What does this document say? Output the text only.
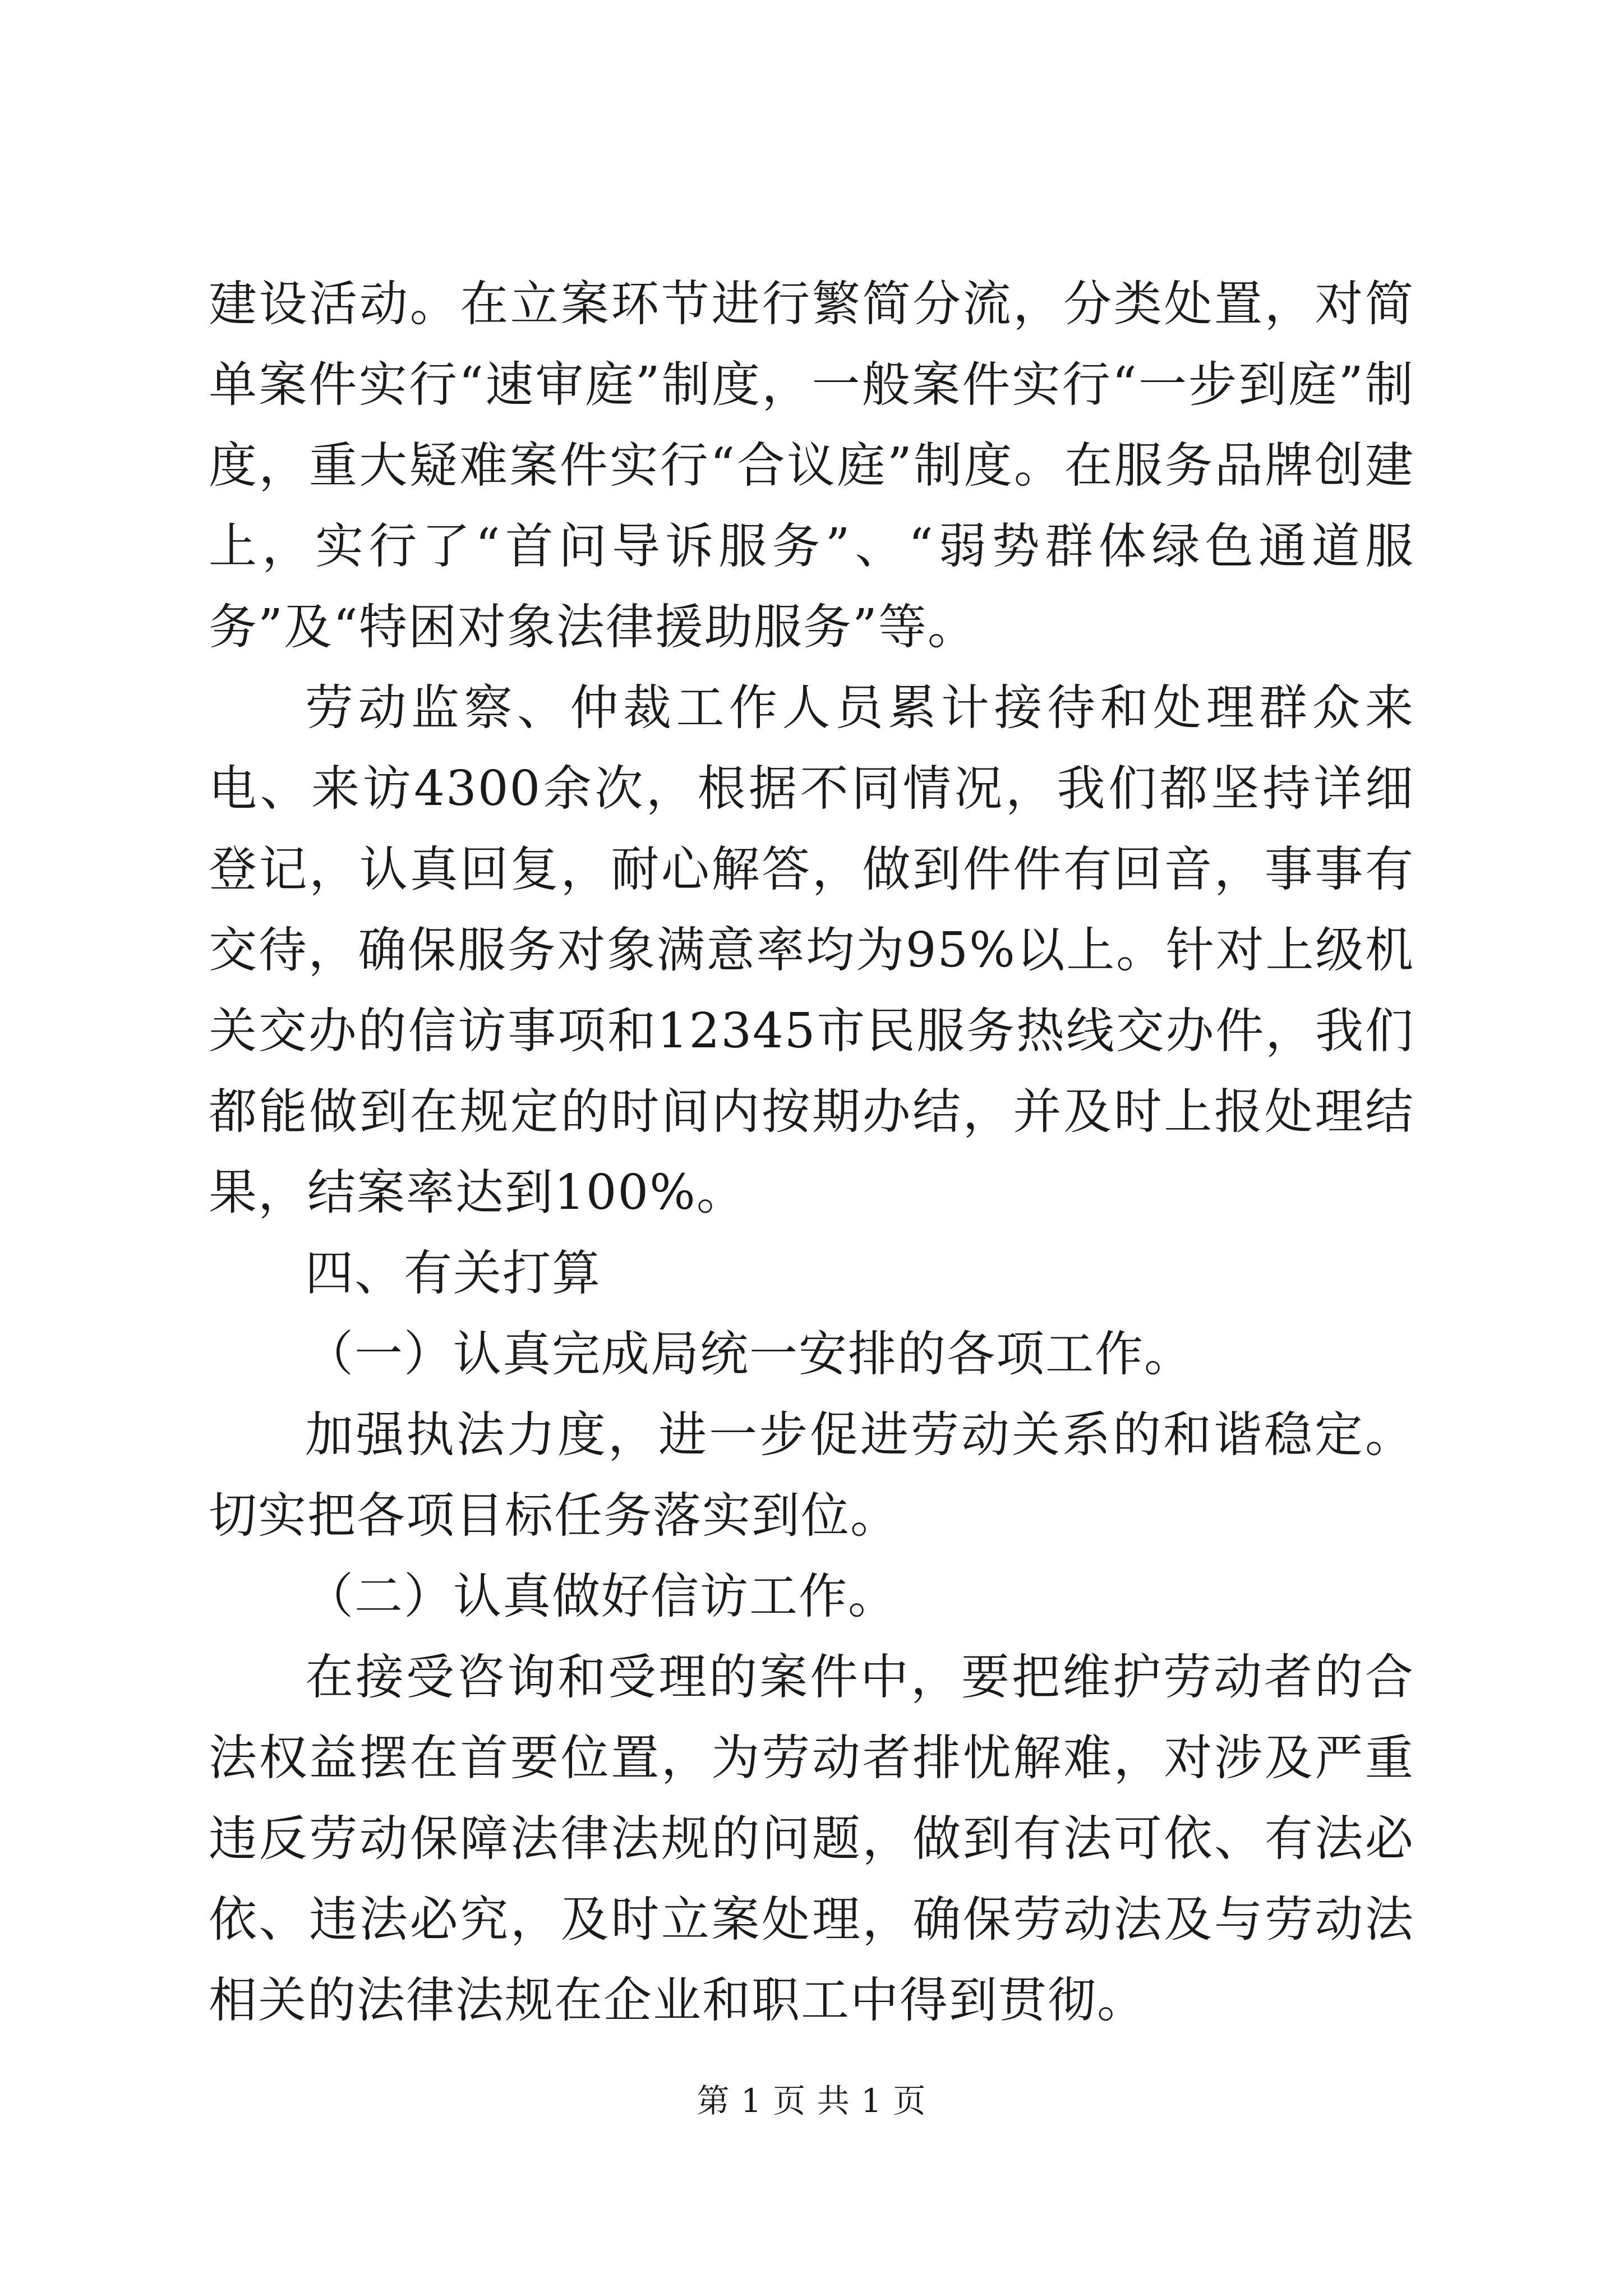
建设活动。在立案环节进行繁简分流，分类处置，对简单案件实行“速审庭”制度，一般案件实行“一步到庭”制度，重大疑难案件实行“合议庭”制度。在服务品牌创建上，实行了“首问导诉服务”、“弱势群体绿色通道服务”及“特困对象法律援助服务”等。

劳动监察、仲裁工作人员累计接待和处理群众来电、来访4300余次，根据不同情况，我们都坚持详细登记，认真回复，耐心解答，做到件件有回音，事事有交待，确保服务对象满意率均为95%以上。针对上级机关交办的信访事项和12345市民服务热线交办件，我们都能做到在规定的时间内按期办结，并及时上报处理结果，结案率达到100%。

四、有关打算

（一）认真完成局统一安排的各项工作。

加强执法力度，进一步促进劳动关系的和谐稳定。切实把各项目标任务落实到位。

（二）认真做好信访工作。

在接受咨询和受理的案件中，要把维护劳动者的合法权益摆在首要位置，为劳动者排忧解难，对涉及严重违反劳动保障法律法规的问题，做到有法可依、有法必依、违法必究，及时立案处理，确保劳动法及与劳动法相关的法律法规在企业和职工中得到贯彻。

第 1 页 共 1 页
